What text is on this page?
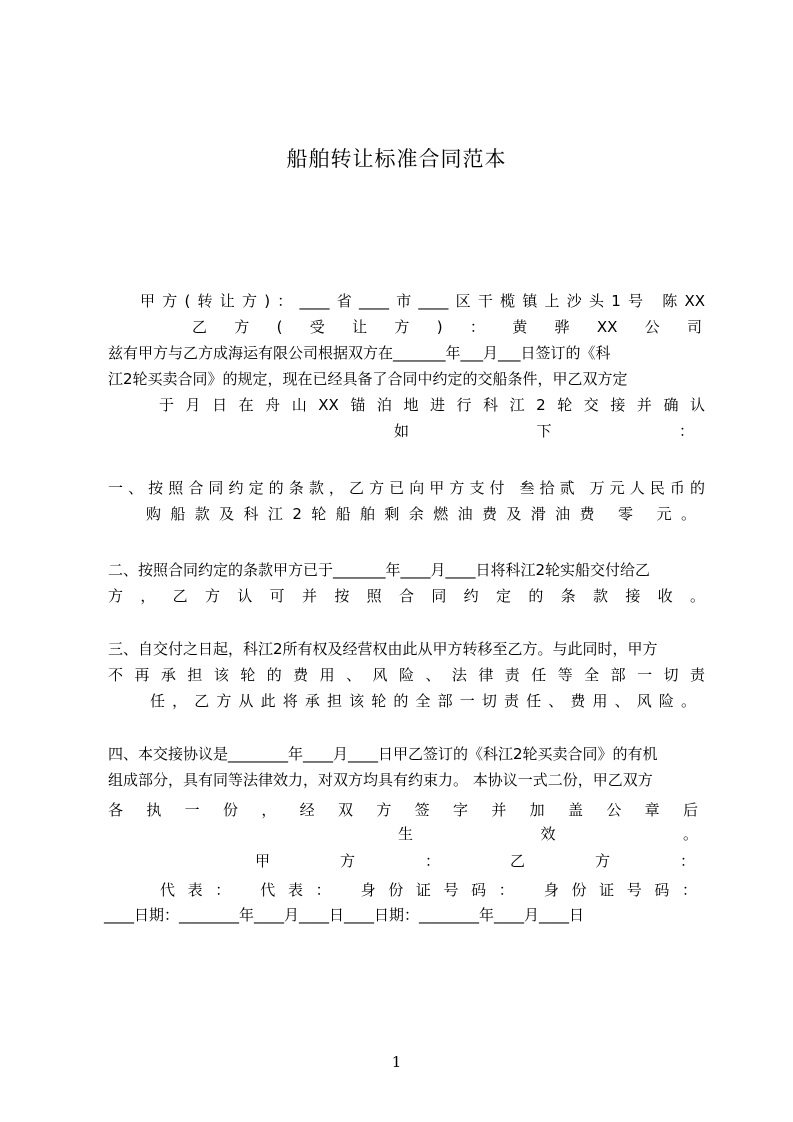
船舶转让标准合同范本
甲方(转让方)：____省____市____区干榄镇上沙头1号 陈XX
乙方(受让方)：黄骅XX公司
兹有甲方与乙方成海运有限公司根据双方在_______年___月___日签订的《科
江2轮买卖合同》的规定，现在已经具备了合同中约定的交船条件，甲乙双方定
于月日在舟山XX锚泊地进行科江2轮交接并确认
如下：
一、按照合同约定的条款，乙方已向甲方支付 叁拾贰 万元人民币的
购船款及科江2轮船舶剩余燃油费及滑油费 零 元。
二、按照合同约定的条款甲方已于_______年____月____日将科江2轮实船交付给乙
方，乙方认可并按照合同约定的条款接收。
三、自交付之日起，科江2所有权及经营权由此从甲方转移至乙方。与此同时，甲方
不再承担该轮的费用、风险、法律责任等全部一切责
任，乙方从此将承担该轮的全部一切责任、费用、风险。
四、本交接协议是________年____月____日甲乙签订的《科江2轮买卖合同》的有机
组成部分，具有同等法律效力，对双方均具有约束力。 本协议一式二份，甲乙双方
各执一份，经双方签字并加盖公章后
生效。
甲方：乙方：
代表： 代表： 身份证号码： 身份证号码：
____日期：________年____月____日____日期：________年____月____日
1
